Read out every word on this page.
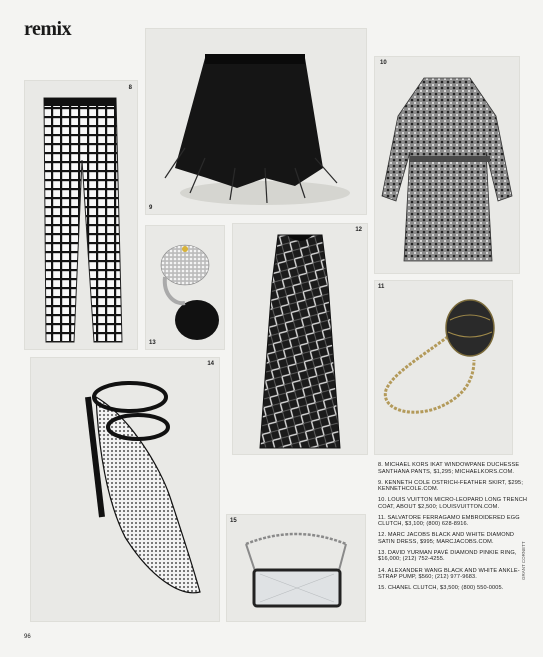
remix
8
9
10
13
12
11
14
15
8. MICHAEL KORS IKAT WINDOWPANE DUCHESSE SANTHANA PANTS, $1,295; MICHAELKORS.COM.
9. KENNETH COLE OSTRICH-FEATHER SKIRT, $295; KENNETHCOLE.COM.
10. LOUIS VUITTON MICRO-LEOPARD LONG TRENCH COAT, ABOUT $2,500; LOUISVUITTON.COM.
11. SALVATORE FERRAGAMO EMBROIDERED EGG CLUTCH, $3,100; (800) 628-8916.
12. MARC JACOBS BLACK AND WHITE DIAMOND SATIN DRESS, $995; MARCJACOBS.COM.
13. DAVID YURMAN PAVÉ DIAMOND PINKIE RING, $16,000; (212) 752-4255.
14. ALEXANDER WANG BLACK AND WHITE ANKLE-STRAP PUMP, $560; (212) 977-9683.
15. CHANEL CLUTCH, $3,500; (800) 550-0005.
GRANT CORNETT
96
